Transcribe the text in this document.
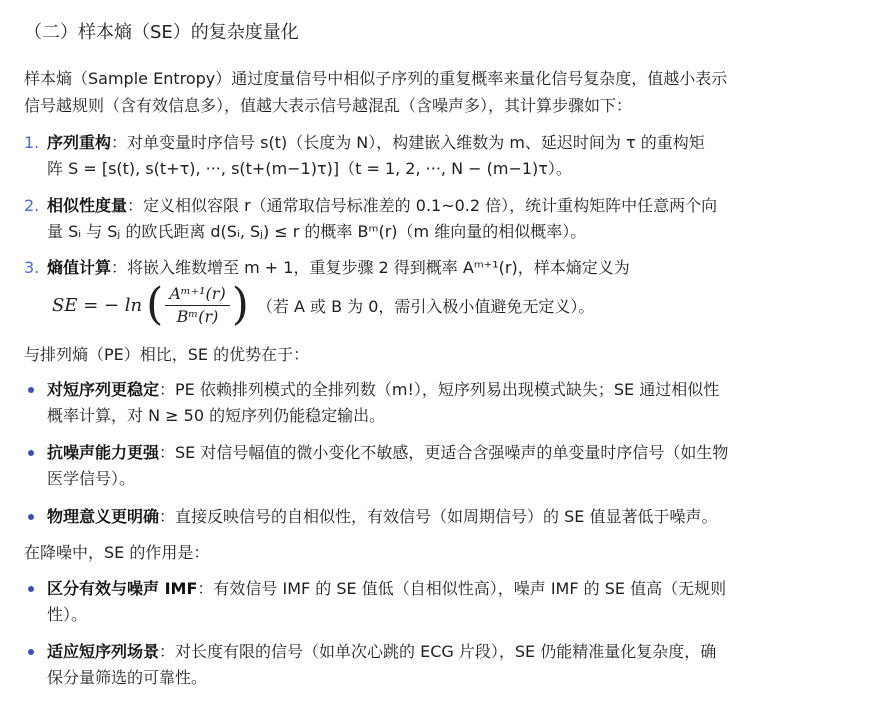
（二）样本熵（SE）的复杂度量化
样本熵（Sample Entropy）通过度量信号中相似子序列的重复概率来量化信号复杂度，值越小表示
信号越规则（含有效信息多），值越大表示信号越混乱（含噪声多），其计算步骤如下：
1. 序列重构：对单变量时序信号 s(t)（长度为 N），构建嵌入维数为 m、延迟时间为 τ 的重构矩
阵 S = [s(t), s(t+τ), ···, s(t+(m−1)τ)]（t = 1, 2, ···, N − (m−1)τ）。
2. 相似性度量：定义相似容限 r（通常取信号标准差的 0.1~0.2 倍），统计重构矩阵中任意两个向
量 Sᵢ 与 Sⱼ 的欧氏距离 d(Sᵢ, Sⱼ) ≤ r 的概率 Bᵐ(r)（m 维向量的相似概率）。
3. 熵值计算：将嵌入维数增至 m + 1，重复步骤 2 得到概率 Aᵐ⁺¹(r)，样本熵定义为
SE = − ln ( $\frac{\text{Aᵐ⁺¹(r)}}{\text{Bᵐ(r)}}$ ) （若 A 或 B 为 0，需引入极小值避免无定义）。
与排列熵（PE）相比，SE 的优势在于：
对短序列更稳定：PE 依赖排列模式的全排列数（m!），短序列易出现模式缺失；SE 通过相似性
概率计算，对 N ≥ 50 的短序列仍能稳定输出。
抗噪声能力更强：SE 对信号幅值的微小变化不敏感，更适合含强噪声的单变量时序信号（如生物
医学信号）。
物理意义更明确：直接反映信号的自相似性，有效信号（如周期信号）的 SE 值显著低于噪声。
在降噪中，SE 的作用是：
区分有效与噪声 IMF：有效信号 IMF 的 SE 值低（自相似性高），噪声 IMF 的 SE 值高（无规则
性）。
适应短序列场景：对长度有限的信号（如单次心跳的 ECG 片段），SE 仍能精准量化复杂度，确
保分量筛选的可靠性。
